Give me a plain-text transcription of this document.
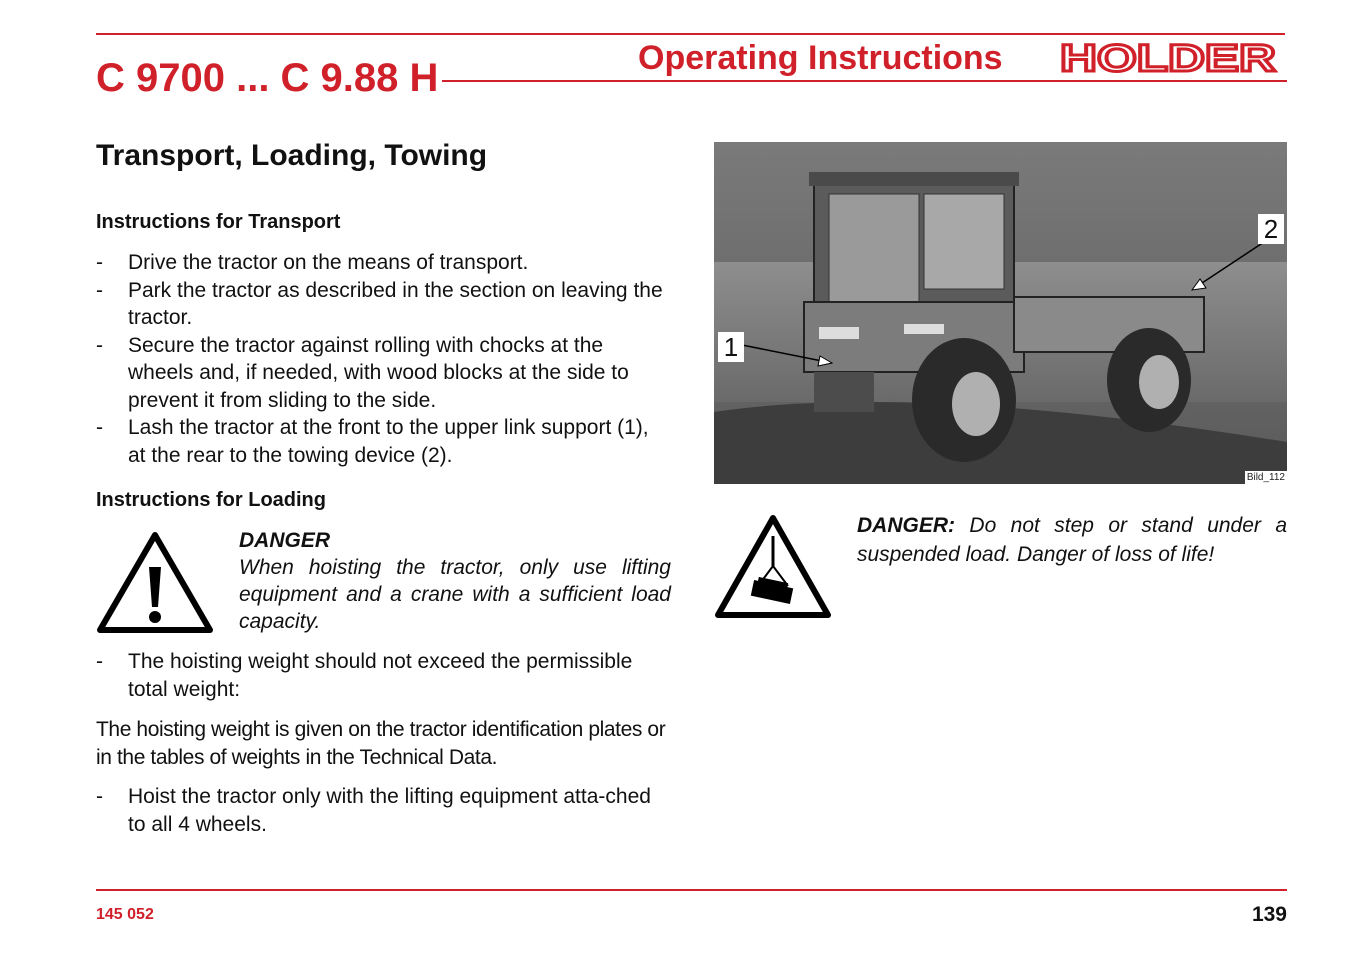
C 9700 ... C 9.88 H	Operating Instructions HOLDER
Transport, Loading, Towing
Instructions for Transport
- Drive the tractor on the means of transport.
- Park the tractor as described in the section on leaving the tractor.
- Secure the tractor against rolling with chocks at the wheels and, if needed, with wood blocks at the side to prevent it from sliding to the side.
- Lash the tractor at the front to the upper link support (1), at the rear to the towing device (2).
Instructions for Loading
DANGER
When hoisting the tractor, only use lifting equipment and a crane with a sufficient load capacity.
- The hoisting weight should not exceed the permissible total weight:
The hoisting weight is given on the tractor identification plates or in the tables of weights in the Technical Data.
- Hoist the tractor only with the lifting equipment atta-ched to all 4 wheels.
1
2
Bild_112
DANGER: Do not step or stand under a suspended load. Danger of loss of life!
145 052	139
